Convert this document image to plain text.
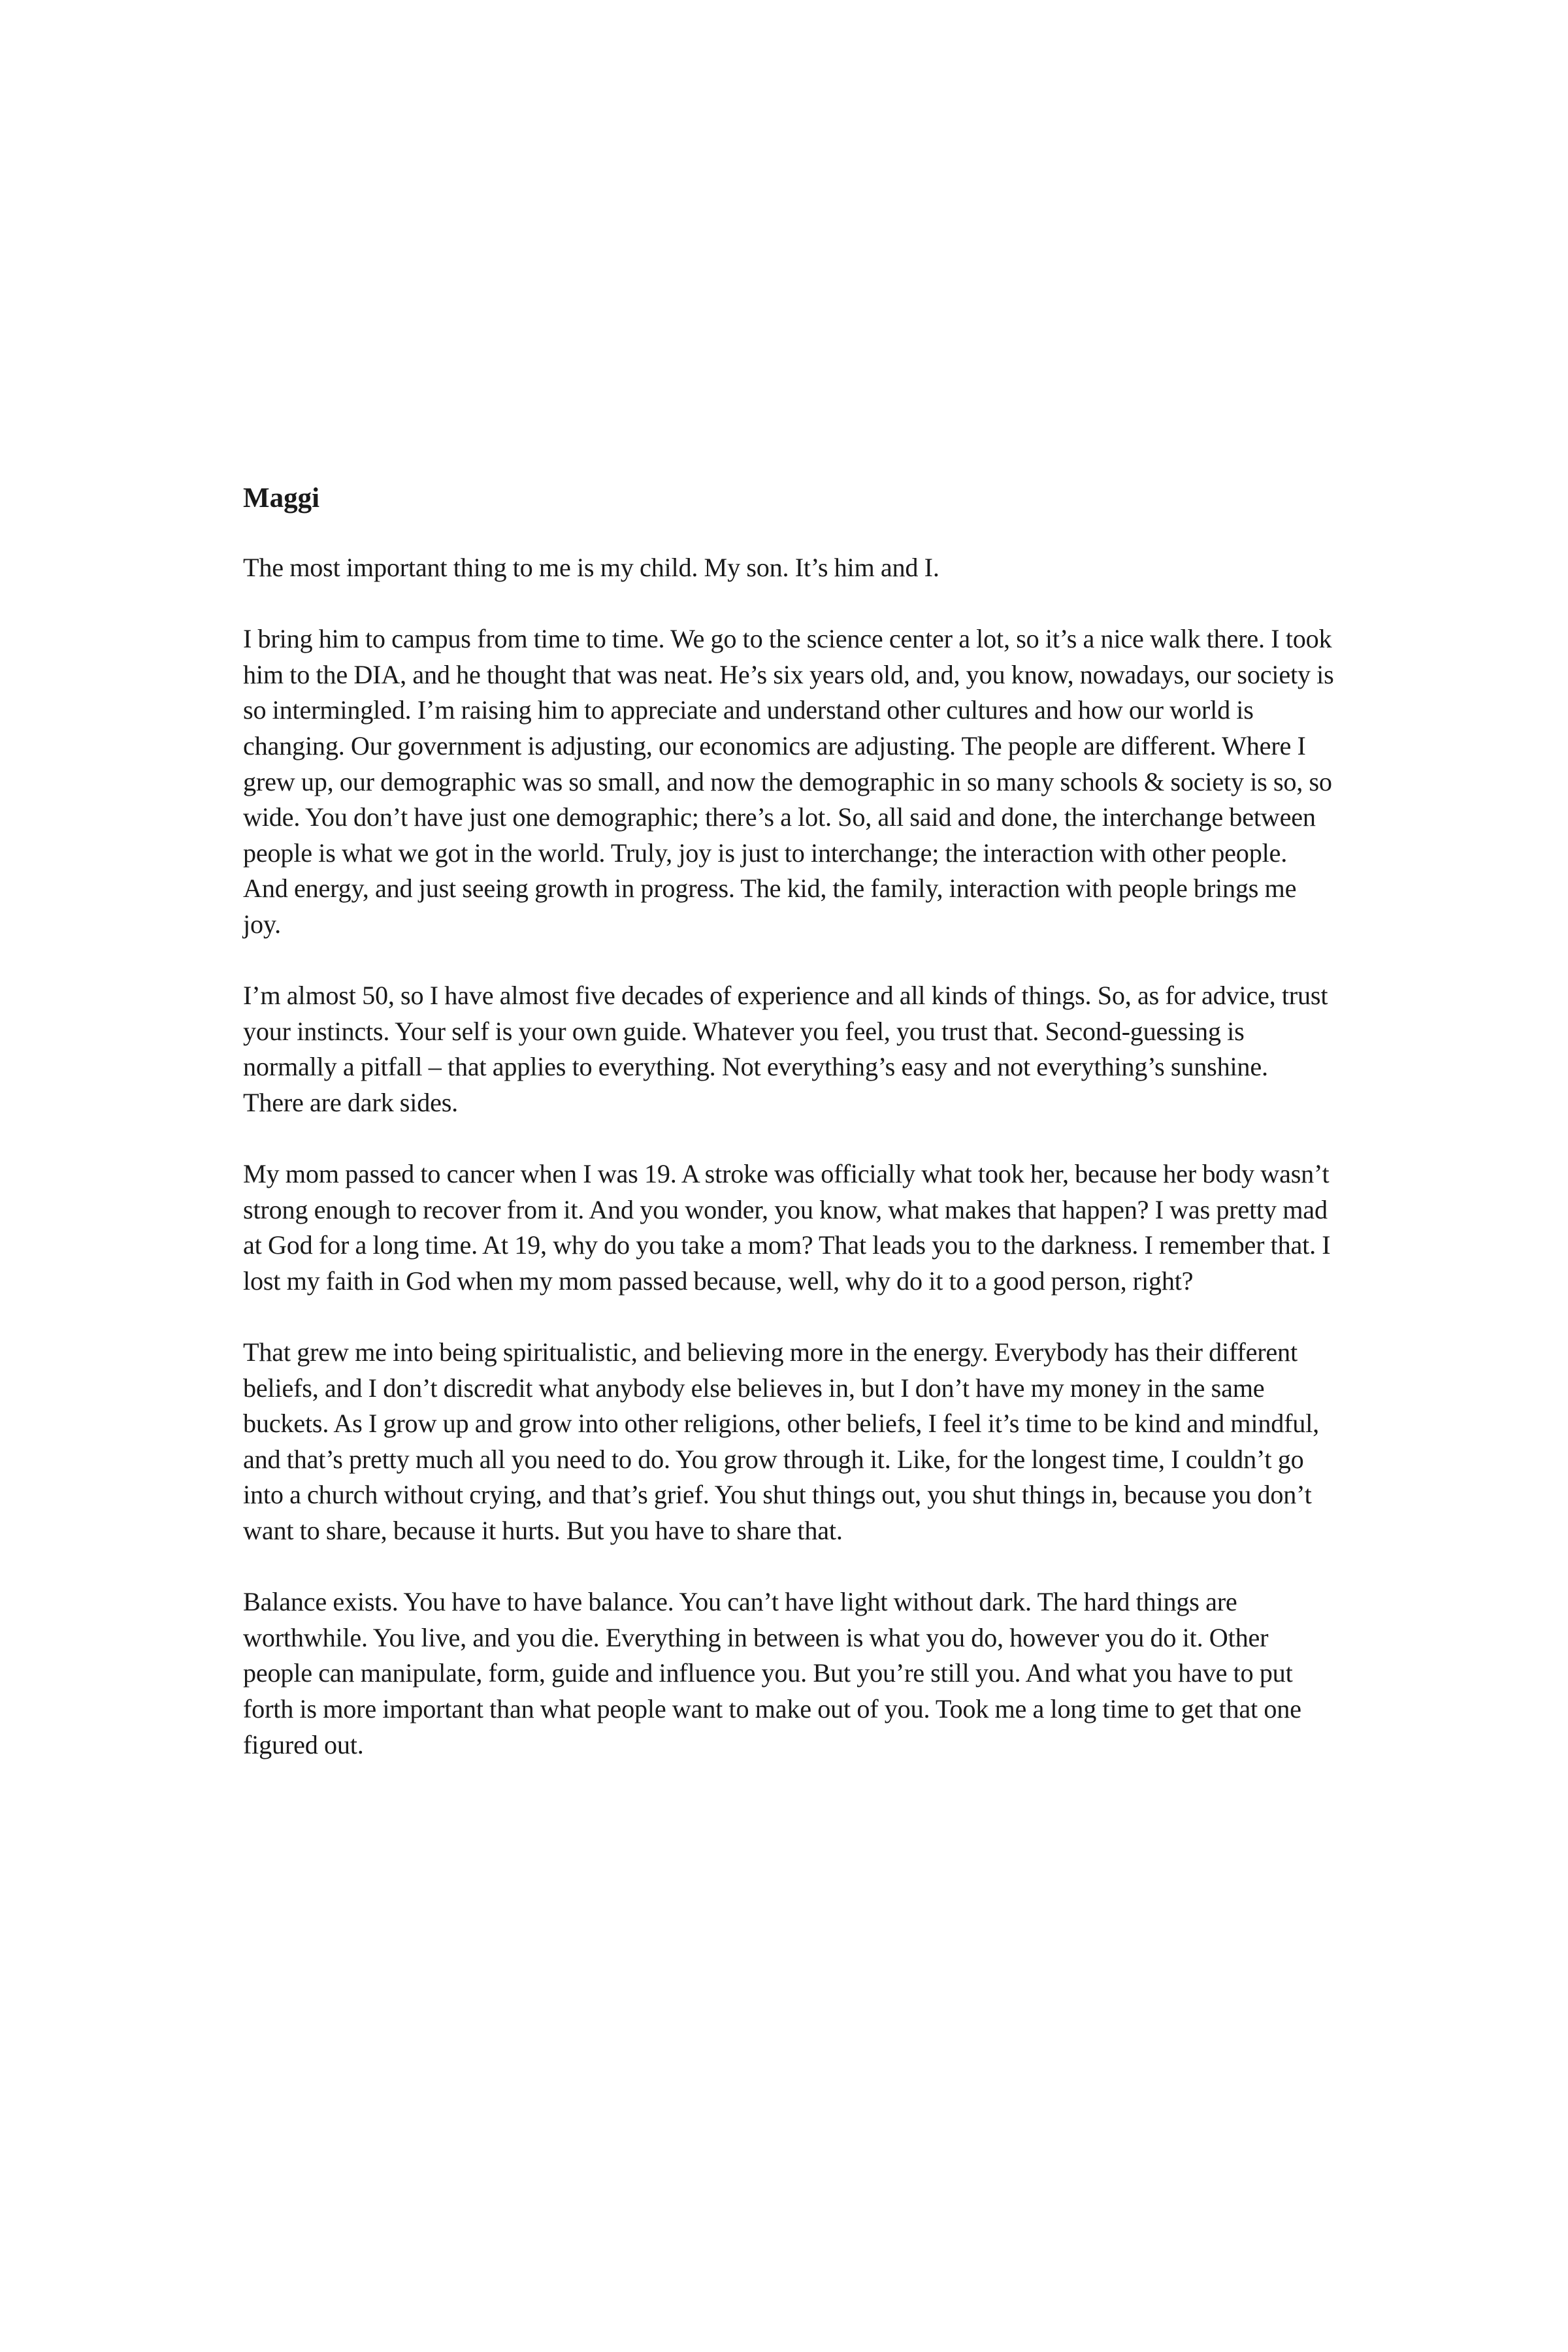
Maggi

The most important thing to me is my child. My son. It’s him and I.

I bring him to campus from time to time. We go to the science center a lot, so it’s a nice walk there. I took him to the DIA, and he thought that was neat. He’s six years old, and, you know, nowadays, our society is so intermingled. I’m raising him to appreciate and understand other cultures and how our world is changing. Our government is adjusting, our economics are adjusting. The people are different. Where I grew up, our demographic was so small, and now the demographic in so many schools & society is so, so wide. You don’t have just one demographic; there’s a lot. So, all said and done, the interchange between people is what we got in the world. Truly, joy is just to interchange; the interaction with other people. And energy, and just seeing growth in progress. The kid, the family, interaction with people brings me joy.

I’m almost 50, so I have almost five decades of experience and all kinds of things. So, as for advice, trust your instincts. Your self is your own guide. Whatever you feel, you trust that. Second-guessing is normally a pitfall – that applies to everything. Not everything’s easy and not everything’s sunshine. There are dark sides.

My mom passed to cancer when I was 19. A stroke was officially what took her, because her body wasn’t strong enough to recover from it. And you wonder, you know, what makes that happen? I was pretty mad at God for a long time. At 19, why do you take a mom? That leads you to the darkness. I remember that. I lost my faith in God when my mom passed because, well, why do it to a good person, right?

That grew me into being spiritualistic, and believing more in the energy. Everybody has their different beliefs, and I don’t discredit what anybody else believes in, but I don’t have my money in the same buckets. As I grow up and grow into other religions, other beliefs, I feel it’s time to be kind and mindful, and that’s pretty much all you need to do. You grow through it. Like, for the longest time, I couldn’t go into a church without crying, and that’s grief. You shut things out, you shut things in, because you don’t want to share, because it hurts. But you have to share that.

Balance exists. You have to have balance. You can’t have light without dark. The hard things are worthwhile. You live, and you die. Everything in between is what you do, however you do it. Other people can manipulate, form, guide and influence you. But you’re still you. And what you have to put forth is more important than what people want to make out of you. Took me a long time to get that one figured out.
